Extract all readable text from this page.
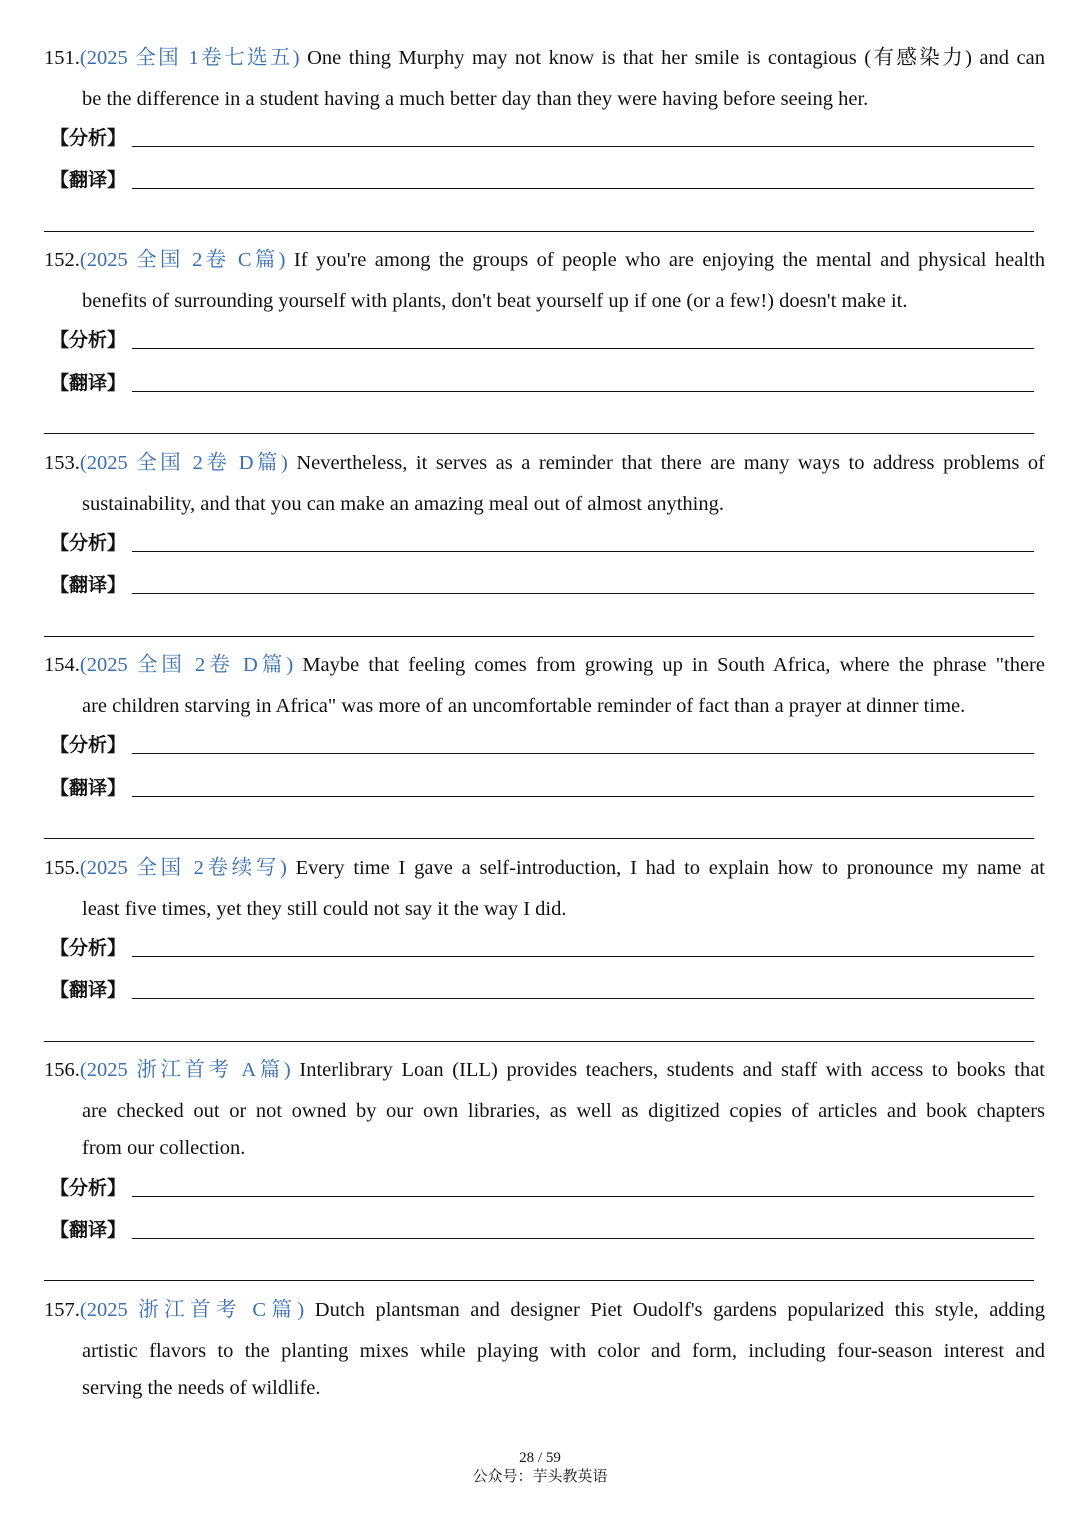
151.(2025 全国 1卷七选五) One thing Murphy may not know is that her smile is contagious (有感染力) and can
be the difference in a student having a much better day than they were having before seeing her.
【分析】
【翻译】
152.(2025 全国 2卷 C篇) If you're among the groups of people who are enjoying the mental and physical health
benefits of surrounding yourself with plants, don't beat yourself up if one (or a few!) doesn't make it.
【分析】
【翻译】
153.(2025 全国 2卷 D篇) Nevertheless, it serves as a reminder that there are many ways to address problems of
sustainability, and that you can make an amazing meal out of almost anything.
【分析】
【翻译】
154.(2025 全国 2卷 D篇) Maybe that feeling comes from growing up in South Africa, where the phrase "there
are children starving in Africa" was more of an uncomfortable reminder of fact than a prayer at dinner time.
【分析】
【翻译】
155.(2025 全国 2卷续写) Every time I gave a self-introduction, I had to explain how to pronounce my name at
least five times, yet they still could not say it the way I did.
【分析】
【翻译】
156.(2025 浙江首考 A篇) Interlibrary Loan (ILL) provides teachers, students and staff with access to books that
are checked out or not owned by our own libraries, as well as digitized copies of articles and book chapters
from our collection.
【分析】
【翻译】
157.(2025 浙江首考 C篇) Dutch plantsman and designer Piet Oudolf's gardens popularized this style, adding
artistic flavors to the planting mixes while playing with color and form, including four-season interest and
serving the needs of wildlife.
28 / 59
公众号：芋头教英语
